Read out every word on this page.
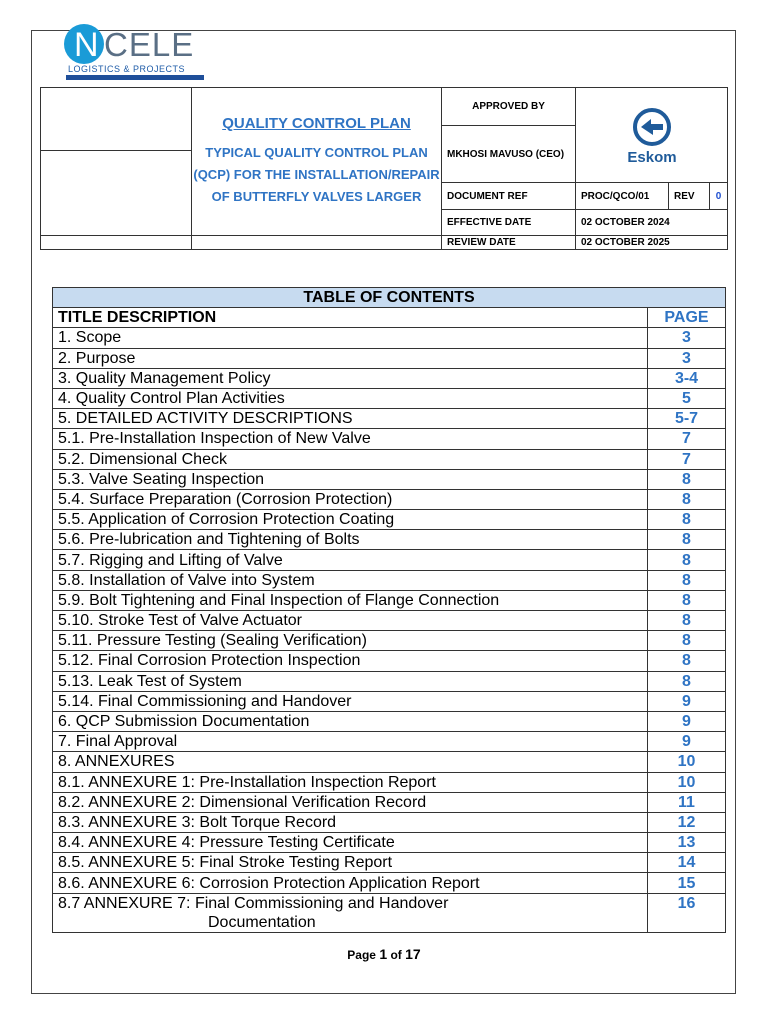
N CELE
LOGISTICS & PROJECTS

	QUALITY CONTROL PLAN
TYPICAL QUALITY CONTROL PLAN (QCP) FOR THE INSTALLATION/REPAIR OF BUTTERFLY VALVES LARGER	APPROVED BY	Eskom		

		MKHOSI MAVUSO (CEO)			

		DOCUMENT REF	PROC/QCO/01	REV	0
		EFFECTIVE DATE	02 OCTOBER 2024		
		REVIEW DATE	02 OCTOBER 2025		
TABLE OF CONTENTS	
TITLE DESCRIPTION	PAGE
1. Scope	3
2. Purpose	3
3. Quality Management Policy	3-4
4. Quality Control Plan Activities	5
5. DETAILED ACTIVITY DESCRIPTIONS	5-7
5.1. Pre-Installation Inspection of New Valve	7
5.2. Dimensional Check	7
5.3. Valve Seating Inspection	8
5.4. Surface Preparation (Corrosion Protection)	8
5.5. Application of Corrosion Protection Coating	8
5.6. Pre-lubrication and Tightening of Bolts	8
5.7. Rigging and Lifting of Valve	8
5.8. Installation of Valve into System	8
5.9. Bolt Tightening and Final Inspection of Flange Connection	8
5.10. Stroke Test of Valve Actuator	8
5.11. Pressure Testing (Sealing Verification)	8
5.12. Final Corrosion Protection Inspection	8
5.13. Leak Test of System	8
5.14. Final Commissioning and Handover	9
6. QCP Submission Documentation	9
7. Final Approval	9
8. ANNEXURES	10
8.1. ANNEXURE 1: Pre-Installation Inspection Report	10
8.2. ANNEXURE 2: Dimensional Verification Record	11
8.3. ANNEXURE 3: Bolt Torque Record	12
8.4. ANNEXURE 4: Pressure Testing Certificate	13
8.5. ANNEXURE 5: Final Stroke Testing Report	14
8.6. ANNEXURE 6: Corrosion Protection Application Report	15
8.7 ANNEXURE 7: Final Commissioning and Handover
Documentation	16
Page 1 of 17
